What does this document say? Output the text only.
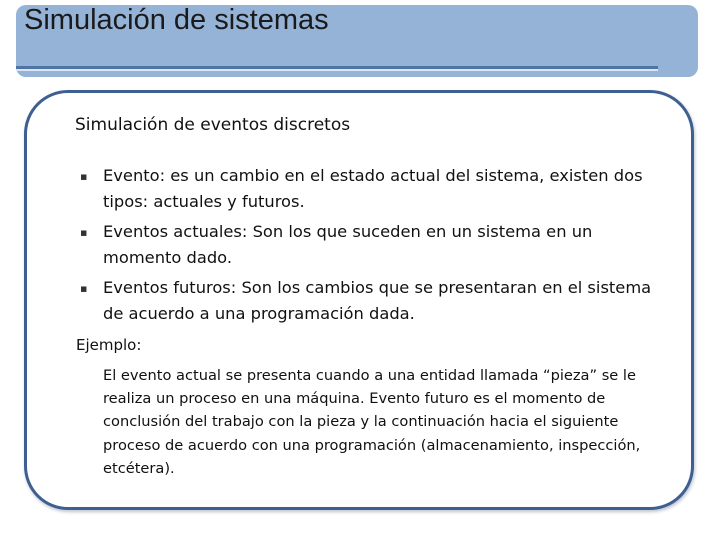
Simulación de sistemas
Simulación de eventos discretos
▪ Evento: es un cambio en el estado actual del sistema, existen dos tipos: actuales y futuros.
▪ Eventos actuales: Son los que suceden en un sistema en un momento dado.
▪ Eventos futuros: Son los cambios que se presentaran en el sistema de acuerdo a una programación dada.

Ejemplo:

El evento actual se presenta cuando a una entidad llamada “pieza” se le realiza un proceso en una máquina. Evento futuro es el momento de conclusión del trabajo con la pieza y la continuación hacia el siguiente proceso de acuerdo con una programación (almacenamiento, inspección, etcétera).
